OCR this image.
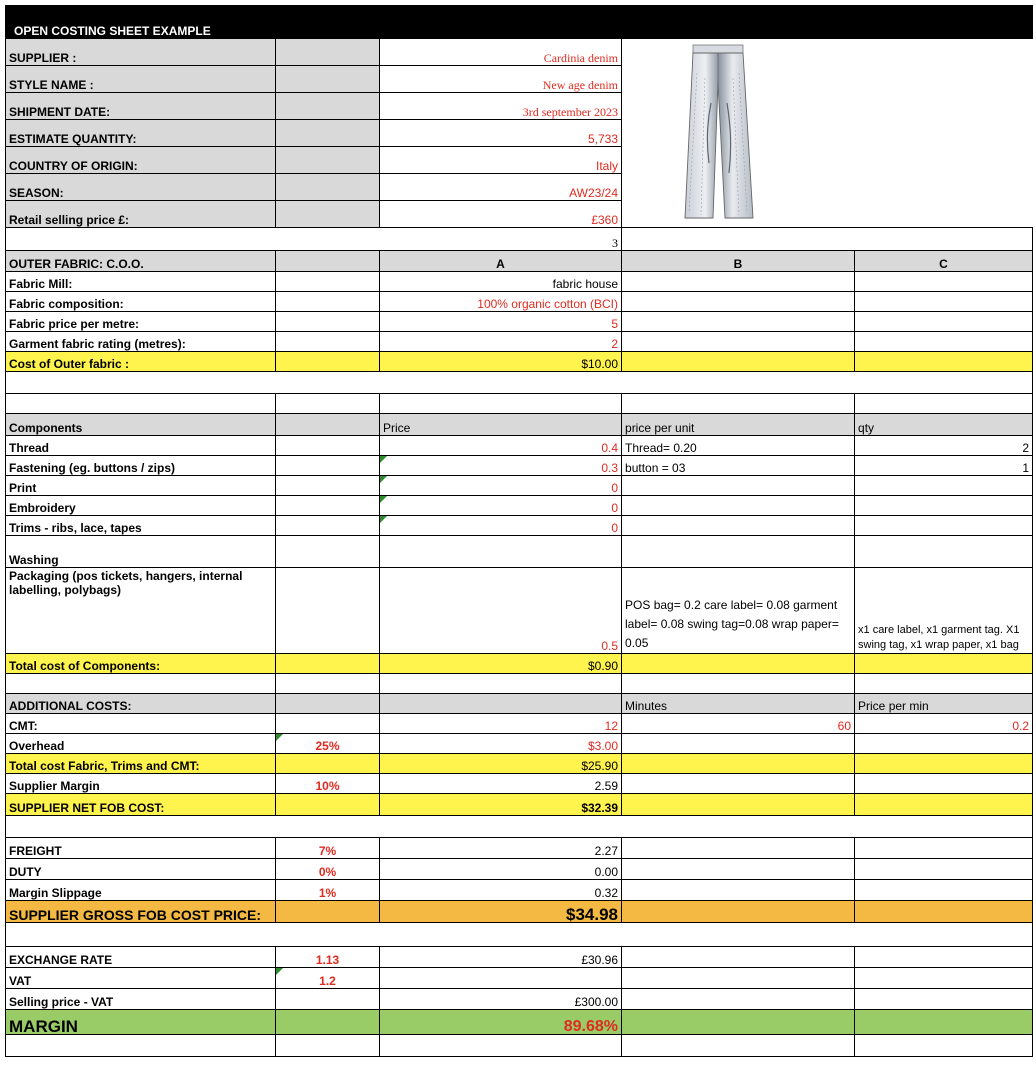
OPEN COSTING SHEET EXAMPLE				
SUPPLIER :		Cardinia denim	

STYLE NAME :		New age denim		
SHIPMENT DATE:		3rd september 2023		
ESTIMATE QUANTITY:		5,733		
COUNTRY OF ORIGIN:		Italy		
SEASON:		AW23/24		
Retail selling price £:		£360		
3				
OUTER FABRIC: C.O.O.		A	B	C
Fabric Mill:		fabric house		
Fabric composition:		100% organic cotton (BCI)		
Fabric price per metre:		5		
Garment fabric rating (metres):		2		
Cost of Outer fabric :		$10.00		

Components		Price	price per unit	qty
Thread		0.4	Thread= 0.20	2
Fastening (eg. buttons / zips)		0.3	button = 03	1
Print		0		
Embroidery		0		
Trims - ribs, lace, tapes		0		
Washing				
Packaging (pos tickets, hangers, internal labelling, polybags)		0.5	POS bag= 0.2 care label= 0.08 garment label= 0.08 swing tag=0.08 wrap paper= 0.05	x1 care label, x1 garment tag. X1 swing tag, x1 wrap paper, x1 bag
Total cost of Components:		$0.90		

ADDITIONAL COSTS:			Minutes	Price per min
CMT:		12	60	0.2
Overhead	25%	$3.00		
Total cost Fabric, Trims and CMT:		$25.90		
Supplier Margin	10%	2.59		
SUPPLIER NET FOB COST:		$32.39		

FREIGHT	7%	2.27		
DUTY	0%	0.00		
Margin Slippage	1%	0.32		
SUPPLIER GROSS FOB COST PRICE:		$34.98		

EXCHANGE RATE	1.13	£30.96		
VAT	1.2			
Selling price - VAT		£300.00		
MARGIN		89.68%		
